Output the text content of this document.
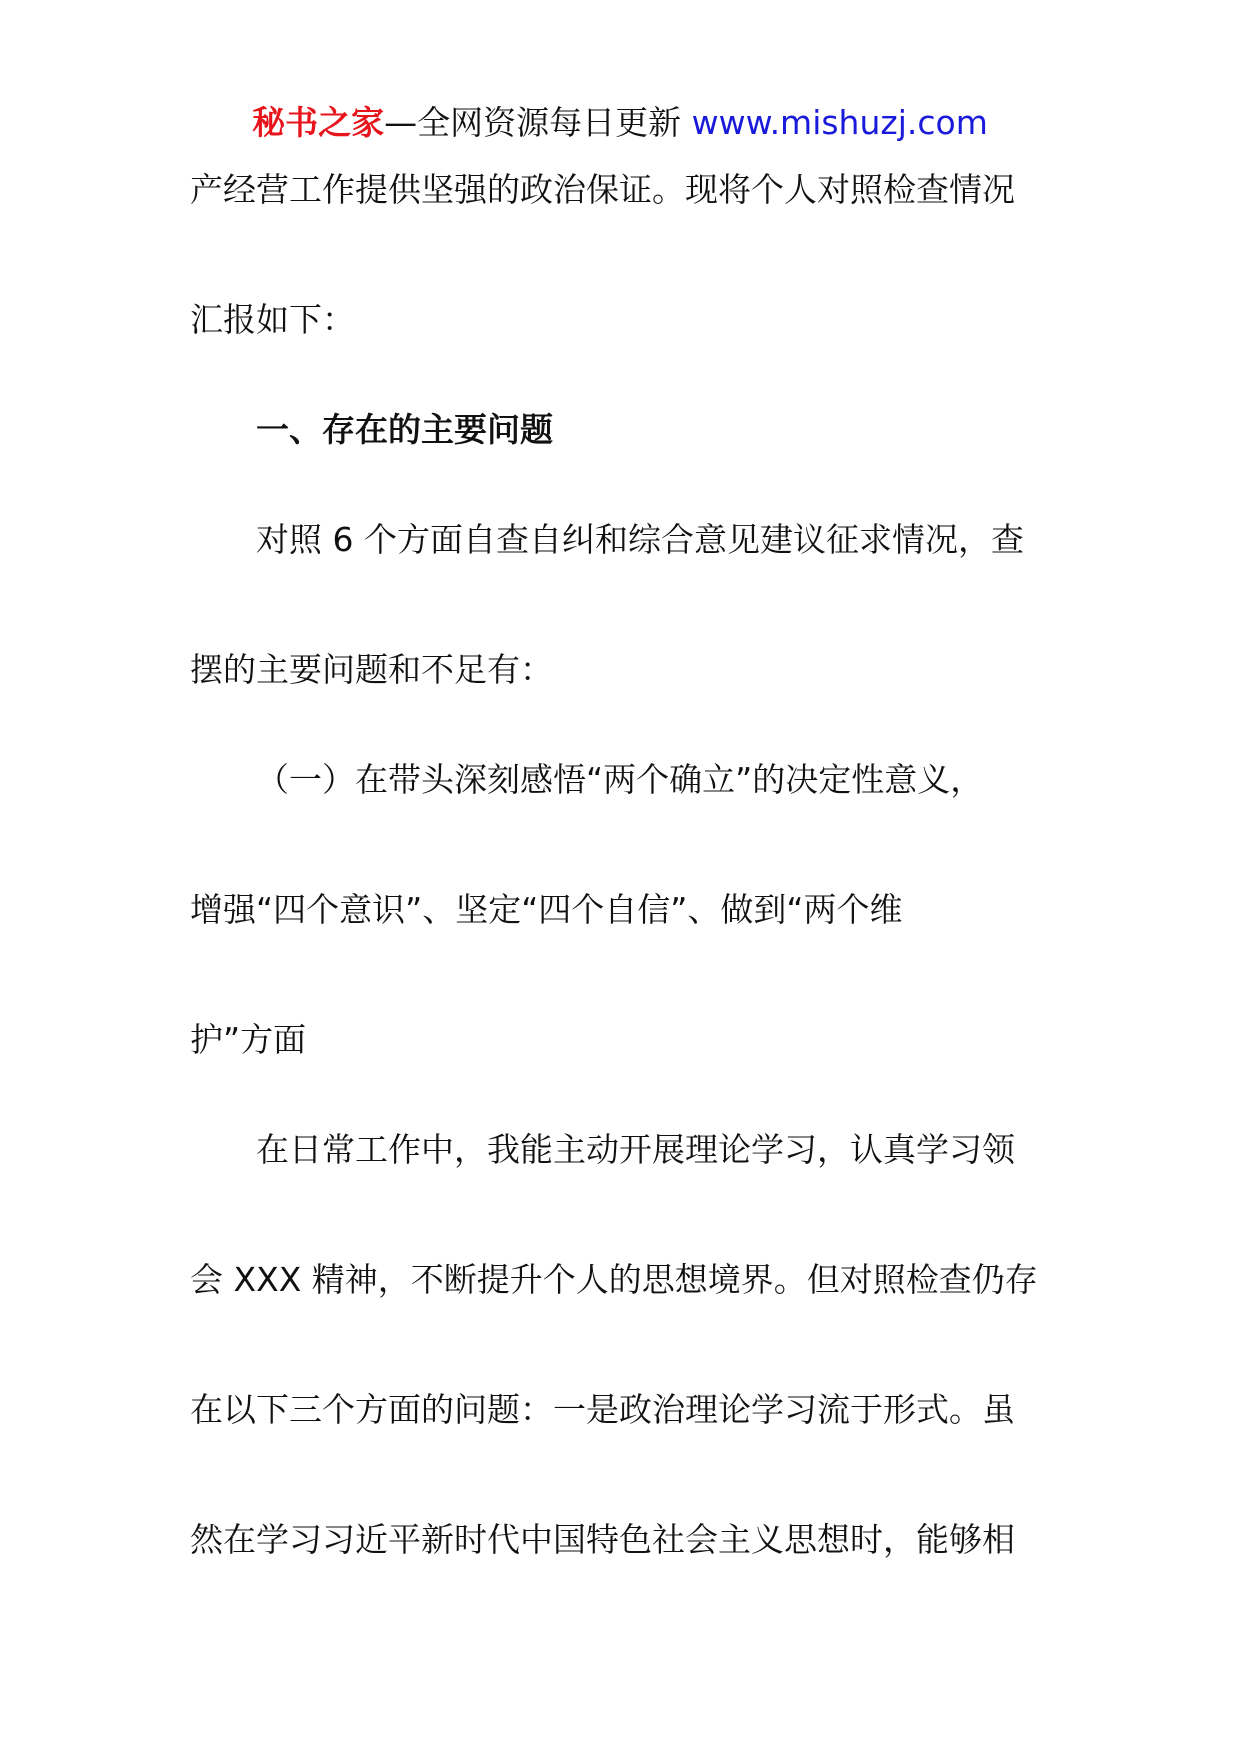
秘书之家—全网资源每日更新 www.mishuzj.com
产经营工作提供坚强的政治保证。现将个人对照检查情况
汇报如下：
一、存在的主要问题
对照 6 个方面自查自纠和综合意见建议征求情况，查
摆的主要问题和不足有：
（一）在带头深刻感悟“两个确立”的决定性意义，
增强“四个意识”、坚定“四个自信”、做到“两个维
护”方面
在日常工作中，我能主动开展理论学习，认真学习领
会 XXX 精神，不断提升个人的思想境界。但对照检查仍存
在以下三个方面的问题：一是政治理论学习流于形式。虽
然在学习习近平新时代中国特色社会主义思想时，能够相
